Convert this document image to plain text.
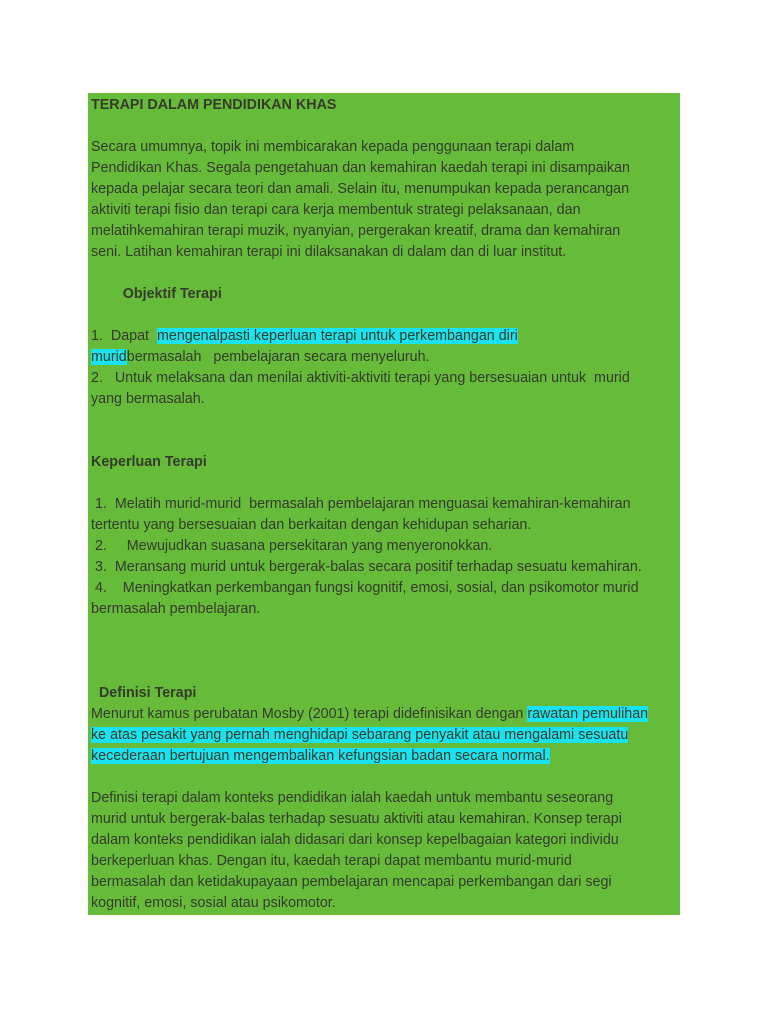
TERAPI DALAM PENDIDIKAN KHAS

Secara umumnya, topik ini membicarakan kepada penggunaan terapi dalam

Pendidikan Khas. Segala pengetahuan dan kemahiran kaedah terapi ini disampaikan

kepada pelajar secara teori dan amali. Selain itu, menumpukan kepada perancangan

aktiviti terapi fisio dan terapi cara kerja membentuk strategi pelaksanaan, dan

melatihkemahiran terapi muzik, nyanyian, pergerakan kreatif, drama dan kemahiran

seni. Latihan kemahiran terapi ini dilaksanakan di dalam dan di luar institut.

Objektif Terapi

1.  Dapat  mengenalpasti keperluan terapi untuk perkembangan diri

muridbermasalah   pembelajaran secara menyeluruh.

2.   Untuk melaksana dan menilai aktiviti-aktiviti terapi yang bersesuaian untuk  murid

yang bermasalah.

Keperluan Terapi

1.  Melatih murid-murid  bermasalah pembelajaran menguasai kemahiran-kemahiran

tertentu yang bersesuaian dan berkaitan dengan kehidupan seharian.

2.     Mewujudkan suasana persekitaran yang menyeronokkan.

3.  Meransang murid untuk bergerak-balas secara positif terhadap sesuatu kemahiran.

4.    Meningkatkan perkembangan fungsi kognitif, emosi, sosial, dan psikomotor murid

bermasalah pembelajaran.

Definisi Terapi

Menurut kamus perubatan Mosby (2001) terapi didefinisikan dengan rawatan pemulihan

ke atas pesakit yang pernah menghidapi sebarang penyakit atau mengalami sesuatu

kecederaan bertujuan mengembalikan kefungsian badan secara normal.

Definisi terapi dalam konteks pendidikan ialah kaedah untuk membantu seseorang

murid untuk bergerak-balas terhadap sesuatu aktiviti atau kemahiran. Konsep terapi

dalam konteks pendidikan ialah didasari dari konsep kepelbagaian kategori individu

berkeperluan khas. Dengan itu, kaedah terapi dapat membantu murid-murid

bermasalah dan ketidakupayaan pembelajaran mencapai perkembangan dari segi

kognitif, emosi, sosial atau psikomotor.
